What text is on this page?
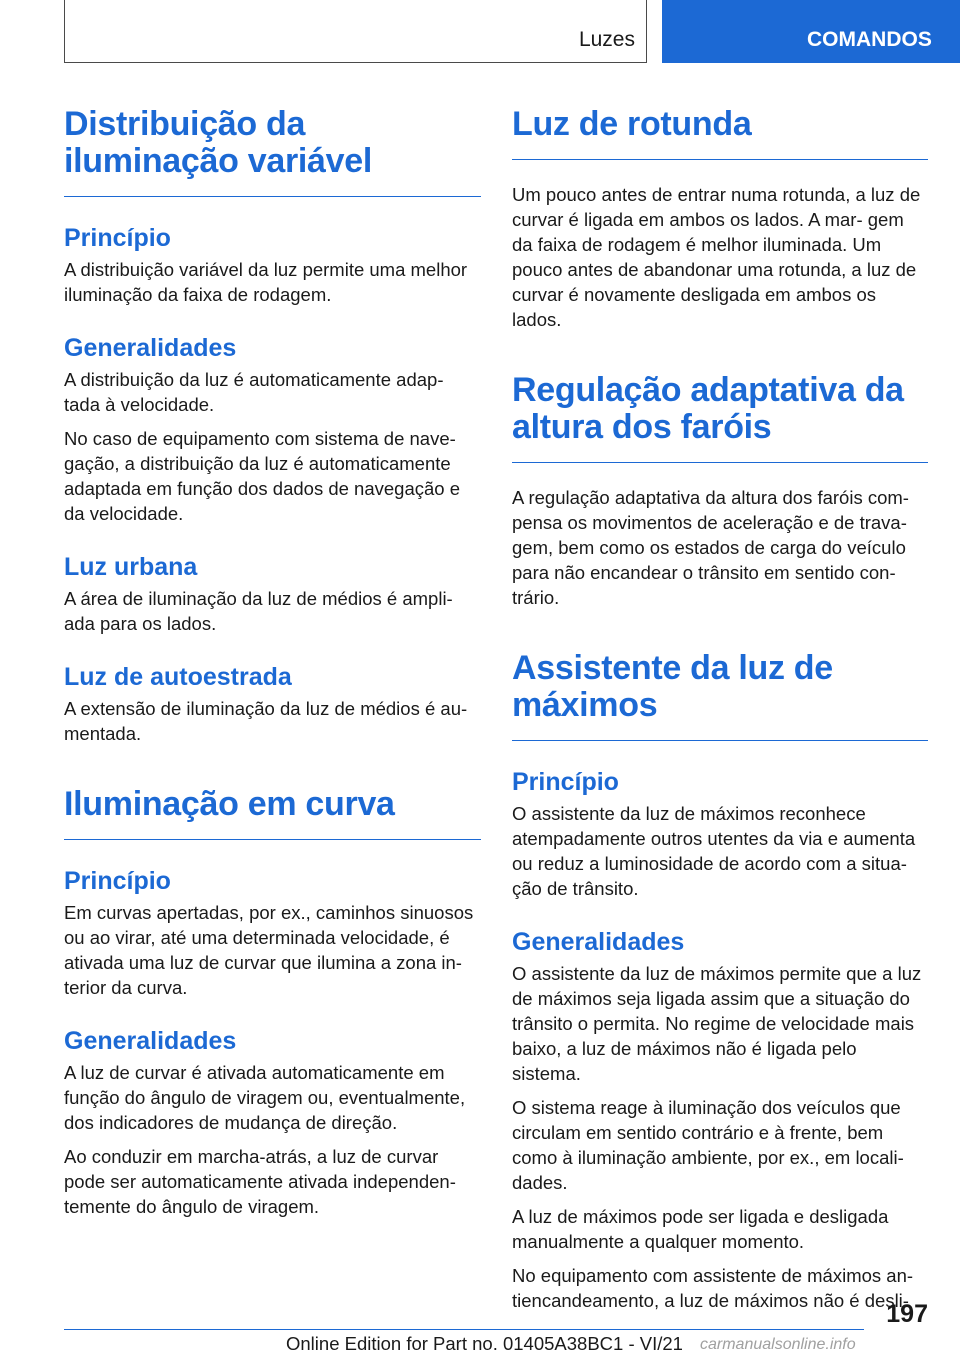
Luzes	COMANDOS
Distribuição da iluminação variável
Princípio

A distribuição variável da luz permite uma melhor iluminação da faixa de rodagem.

Generalidades

A distribuição da luz é automaticamente adap- tada à velocidade.

No caso de equipamento com sistema de nave- gação, a distribuição da luz é automaticamente adaptada em função dos dados de navegação e da velocidade.

Luz urbana

A área de iluminação da luz de médios é ampli- ada para os lados.

Luz de autoestrada

A extensão de iluminação da luz de médios é au- mentada.

Iluminação em curva
Princípio

Em curvas apertadas, por ex., caminhos sinuosos ou ao virar, até uma determinada velocidade, é ativada uma luz de curvar que ilumina a zona in- terior da curva.

Generalidades

A luz de curvar é ativada automaticamente em função do ângulo de viragem ou, eventualmente, dos indicadores de mudança de direção.

Ao conduzir em marcha-atrás, a luz de curvar pode ser automaticamente ativada independen- temente do ângulo de viragem.

Luz de rotunda

Um pouco antes de entrar numa rotunda, a luz de curvar é ligada em ambos os lados. A mar- gem da faixa de rodagem é melhor iluminada. Um pouco antes de abandonar uma rotunda, a luz de curvar é novamente desligada em ambos os lados.

Regulação adaptativa da altura dos faróis

A regulação adaptativa da altura dos faróis com- pensa os movimentos de aceleração e de trava- gem, bem como os estados de carga do veículo para não encandear o trânsito em sentido con- trário.

Assistente da luz de máximos
Princípio

O assistente da luz de máximos reconhece atempadamente outros utentes da via e aumenta ou reduz a luminosidade de acordo com a situa- ção de trânsito.

Generalidades

O assistente da luz de máximos permite que a luz de máximos seja ligada assim que a situação do trânsito o permita. No regime de velocidade mais baixo, a luz de máximos não é ligada pelo sistema.

O sistema reage à iluminação dos veículos que circulam em sentido contrário e à frente, bem como à iluminação ambiente, por ex., em locali- dades.

A luz de máximos pode ser ligada e desligada manualmente a qualquer momento.

No equipamento com assistente de máximos an- tiencandeamento, a luz de máximos não é desli-

197
Online Edition for Part no. 01405A38BC1 - VI/21 carmanualsonline.info
